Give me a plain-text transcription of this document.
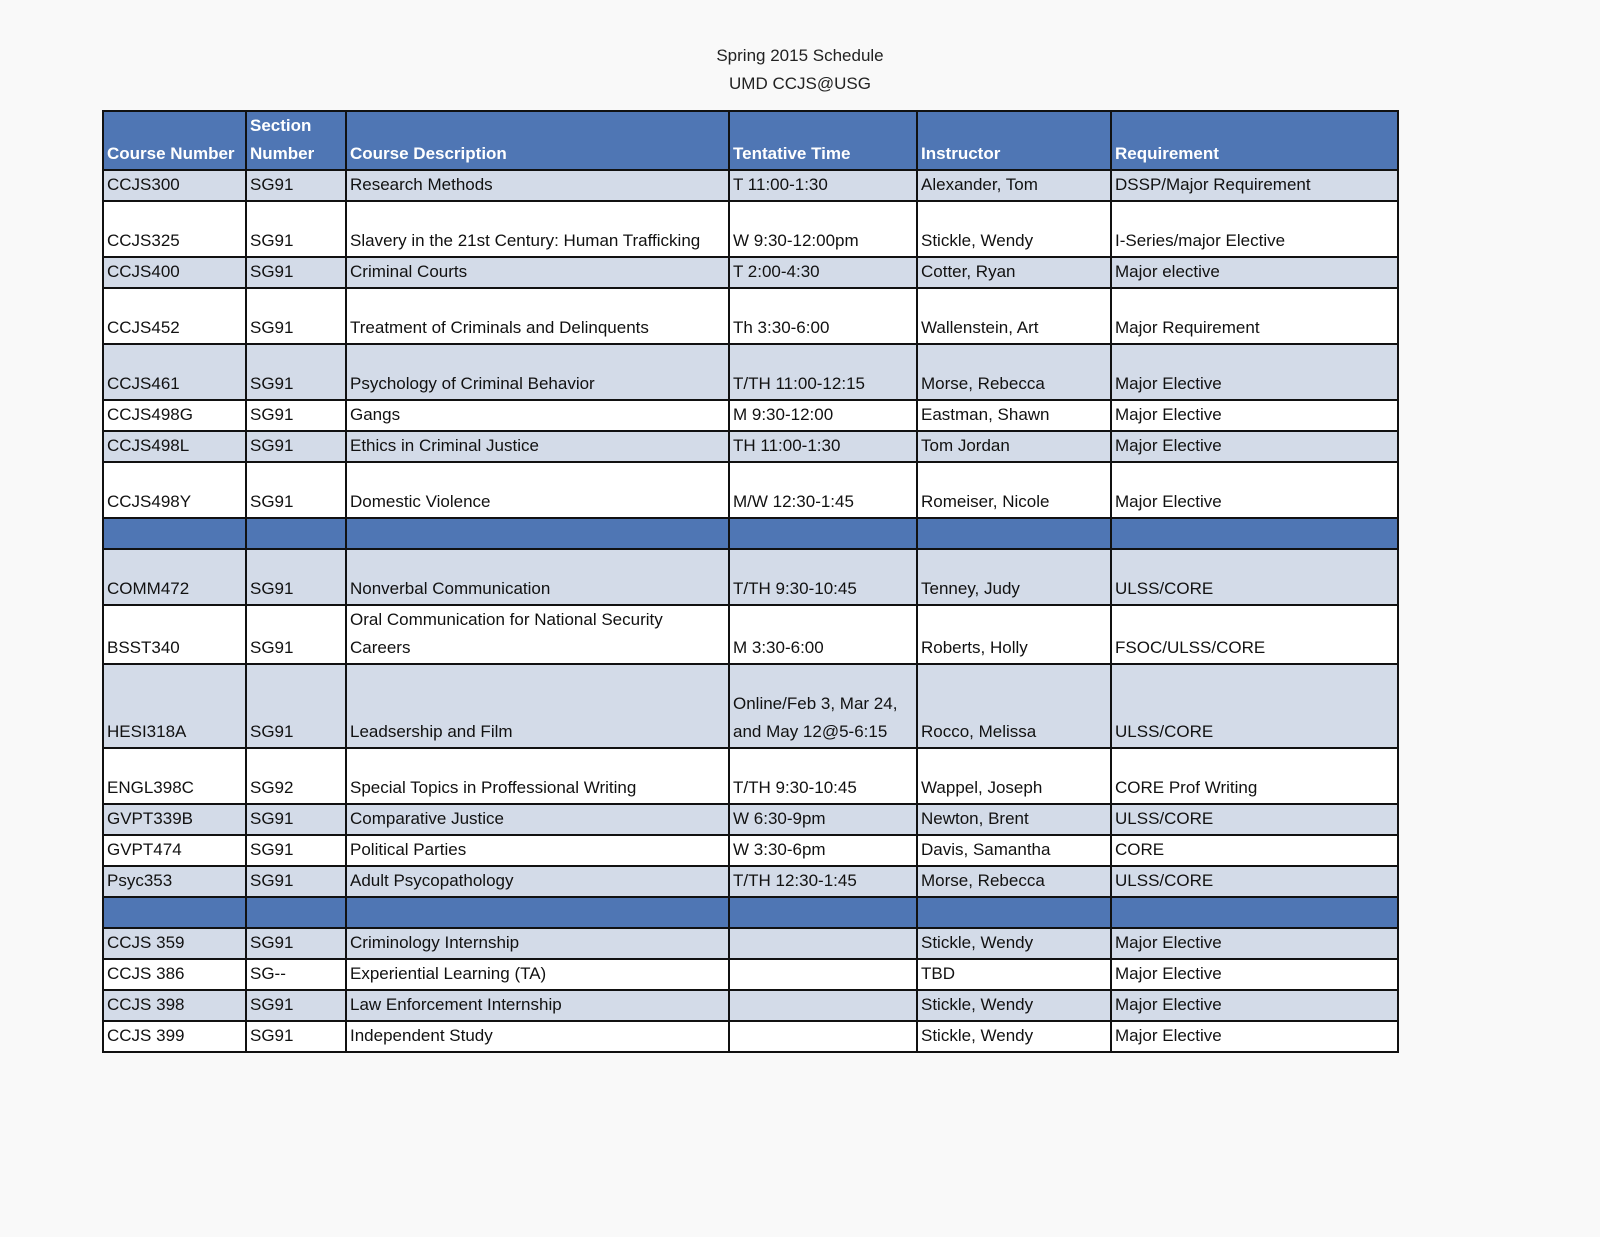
Spring 2015 Schedule
UMD CCJS@USG
Course Number	Section Number	Course Description	Tentative Time	Instructor	Requirement
CCJS300	SG91	Research Methods	T 11:00-1:30	Alexander, Tom	DSSP/Major Requirement
CCJS325	SG91	Slavery in the 21st Century: Human Trafficking	W 9:30-12:00pm	Stickle, Wendy	I-Series/major Elective
CCJS400	SG91	Criminal Courts	T 2:00-4:30	Cotter, Ryan	Major elective
CCJS452	SG91	Treatment of Criminals and Delinquents	Th 3:30-6:00	Wallenstein, Art	Major Requirement
CCJS461	SG91	Psychology of Criminal Behavior	T/TH 11:00-12:15	Morse, Rebecca	Major Elective
CCJS498G	SG91	Gangs	M 9:30-12:00	Eastman, Shawn	Major Elective
CCJS498L	SG91	Ethics in Criminal Justice	TH 11:00-1:30	Tom Jordan	Major Elective
CCJS498Y	SG91	Domestic Violence	M/W 12:30-1:45	Romeiser, Nicole	Major Elective

COMM472	SG91	Nonverbal Communication	T/TH 9:30-10:45	Tenney, Judy	ULSS/CORE
BSST340	SG91	Oral Communication for National Security Careers	M 3:30-6:00	Roberts, Holly	FSOC/ULSS/CORE
HESI318A	SG91	Leadsership and Film	Online/Feb 3, Mar 24, and May 12@5-6:15	Rocco, Melissa	ULSS/CORE
ENGL398C	SG92	Special Topics in Proffessional Writing	T/TH 9:30-10:45	Wappel, Joseph	CORE Prof Writing
GVPT339B	SG91	Comparative Justice	W 6:30-9pm	Newton, Brent	ULSS/CORE
GVPT474	SG91	Political Parties	W 3:30-6pm	Davis, Samantha	CORE
Psyc353	SG91	Adult Psycopathology	T/TH 12:30-1:45	Morse, Rebecca	ULSS/CORE

CCJS 359	SG91	Criminology Internship		Stickle, Wendy	Major Elective
CCJS 386	SG--	Experiential Learning (TA)		TBD	Major Elective
CCJS 398	SG91	Law Enforcement Internship		Stickle, Wendy	Major Elective
CCJS 399	SG91	Independent Study		Stickle, Wendy	Major Elective
